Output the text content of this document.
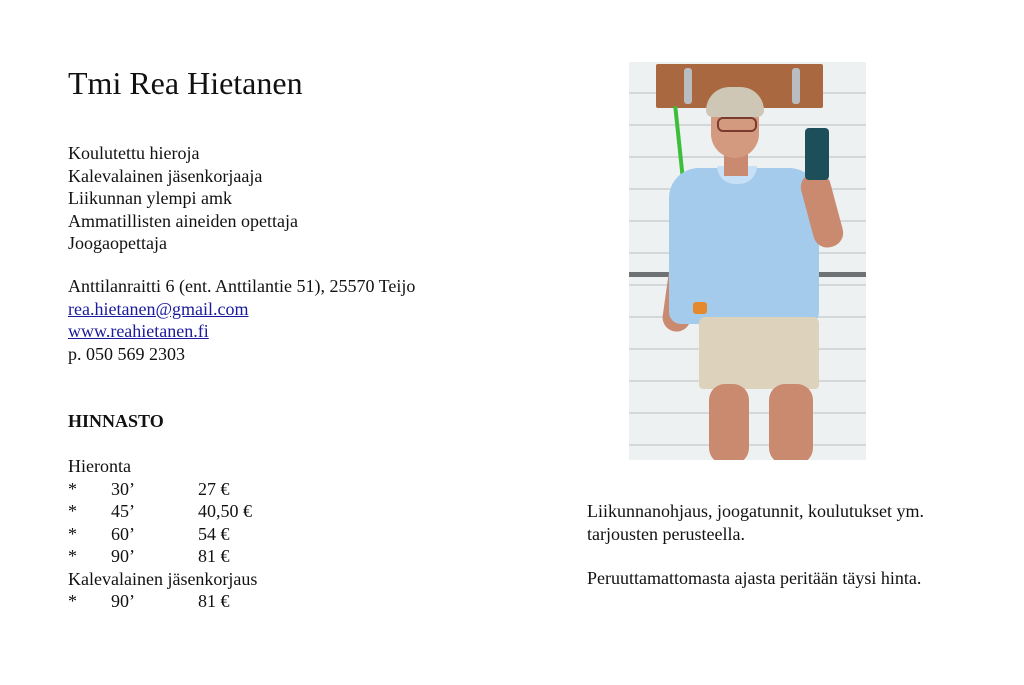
Tmi Rea Hietanen
Koulutettu hieroja
Kalevalainen jäsenkorjaaja
Liikunnan ylempi amk
Ammatillisten aineiden opettaja
Joogaopettaja
Anttilanraitti 6 (ent. Anttilantie 51), 25570 Teijo
rea.hietanen@gmail.com
www.reahietanen.fi
p. 050 569 2303
HINNASTO
Hieronta
* 30’	27 €
* 45’	40,50 €
* 60’	54 €
* 90’	81 €
Kalevalainen jäsenkorjaus
* 90’	81 €
Liikunnanohjaus, joogatunnit, koulutukset ym. tarjousten perusteella.
Peruuttamattomasta ajasta peritään täysi hinta.
